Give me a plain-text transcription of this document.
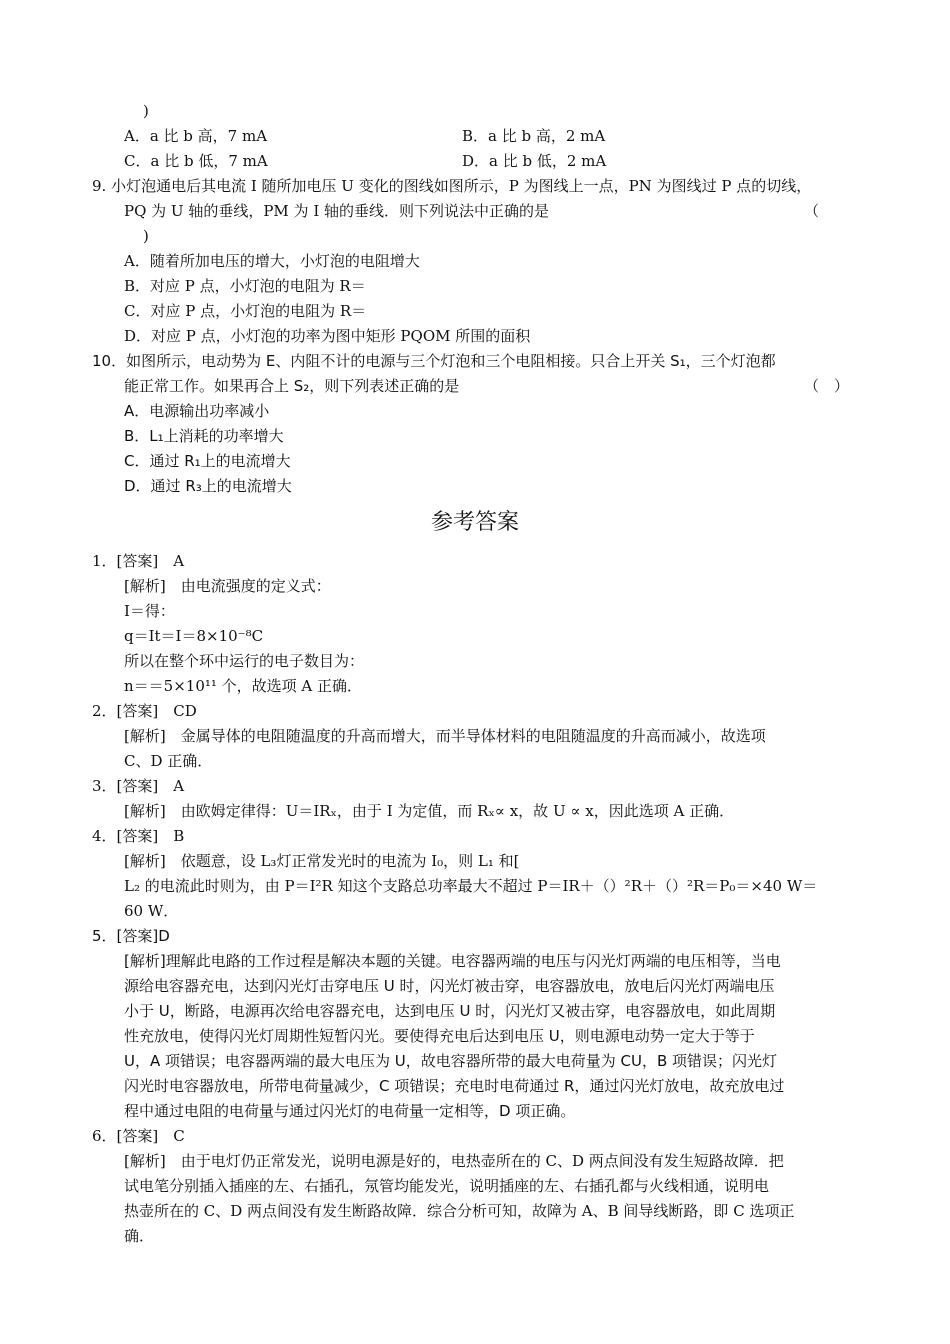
参考答案
)
A．a 比 b 高，7 mA	B．a 比 b 高，2 mA
C．a 比 b 低，7 mA	D．a 比 b 低，2 mA
9. 小灯泡通电后其电流 I 随所加电压 U 变化的图线如图所示，P 为图线上一点，PN 为图线过 P 点的切线，
PQ 为 U 轴的垂线，PM 为 I 轴的垂线．则下列说法中正确的是	（
)
A．随着所加电压的增大，小灯泡的电阻增大
B．对应 P 点，小灯泡的电阻为 R＝
C．对应 P 点，小灯泡的电阻为 R＝
D．对应 P 点，小灯泡的功率为图中矩形 PQOM 所围的面积
10．如图所示，电动势为 E、内阻不计的电源与三个灯泡和三个电阻相接。只合上开关 S₁，三个灯泡都
能正常工作。如果再合上 S₂，则下列表述正确的是	（　）
A．电源输出功率减小
B．L₁上消耗的功率增大
C．通过 R₁上的电流增大
D．通过 R₃上的电流增大
1．[答案]　A
[解析]　由电流强度的定义式：
I＝得：
q＝It＝I＝8×10⁻⁸C
所以在整个环中运行的电子数目为：
n＝＝5×10¹¹ 个，故选项 A 正确．
2．[答案]　CD
[解析]　金属导体的电阻随温度的升高而增大，而半导体材料的电阻随温度的升高而减小，故选项
C、D 正确．
3．[答案]　A
[解析]　由欧姆定律得：U＝IRₓ，由于 I 为定值，而 Rₓ∝ x，故 U ∝ x，因此选项 A 正确．
4．[答案]　B
[解析]　依题意，设 L₃灯正常发光时的电流为 I₀，则 L₁ 和[
L₂ 的电流此时则为，由 P＝I²R 知这个支路总功率最大不超过 P＝IR＋（）²R＋（）²R＝P₀＝×40 W＝
60 W．
5．[答案]D
[解析]理解此电路的工作过程是解决本题的关键。电容器两端的电压与闪光灯两端的电压相等，当电
源给电容器充电，达到闪光灯击穿电压 U 时，闪光灯被击穿，电容器放电，放电后闪光灯两端电压
小于 U，断路，电源再次给电容器充电，达到电压 U 时，闪光灯又被击穿，电容器放电，如此周期
性充放电，使得闪光灯周期性短暂闪光。要使得充电后达到电压 U，则电源电动势一定大于等于
U，A 项错误；电容器两端的最大电压为 U，故电容器所带的最大电荷量为 CU，B 项错误；闪光灯
闪光时电容器放电，所带电荷量减少，C 项错误；充电时电荷通过 R，通过闪光灯放电，故充放电过
程中通过电阻的电荷量与通过闪光灯的电荷量一定相等，D 项正确。
6．[答案]　C
[解析]　由于电灯仍正常发光，说明电源是好的，电热壶所在的 C、D 两点间没有发生短路故障．把
试电笔分别插入插座的左、右插孔，氖管均能发光，说明插座的左、右插孔都与火线相通，说明电
热壶所在的 C、D 两点间没有发生断路故障．综合分析可知，故障为 A、B 间导线断路，即 C 选项正
确．
